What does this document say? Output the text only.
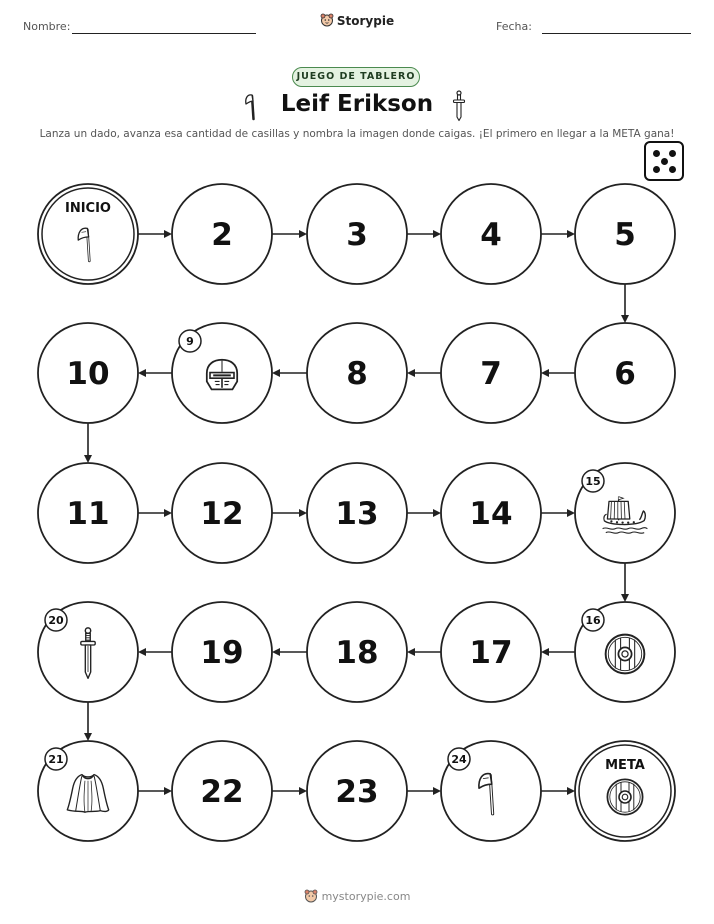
Nombre:	Storypie	Fecha:
JUEGO DE TABLERO
Leif Erikson
Lanza un dado, avanza esa cantidad de casillas y nombra la imagen donde caigas. ¡El primero en llegar a la META gana!
INICIO
2	3	4	5
6
7
8
9
10
11	12	13	14
15
16
17
18
19
20
21
22	23
24	META
mystorypie.com
